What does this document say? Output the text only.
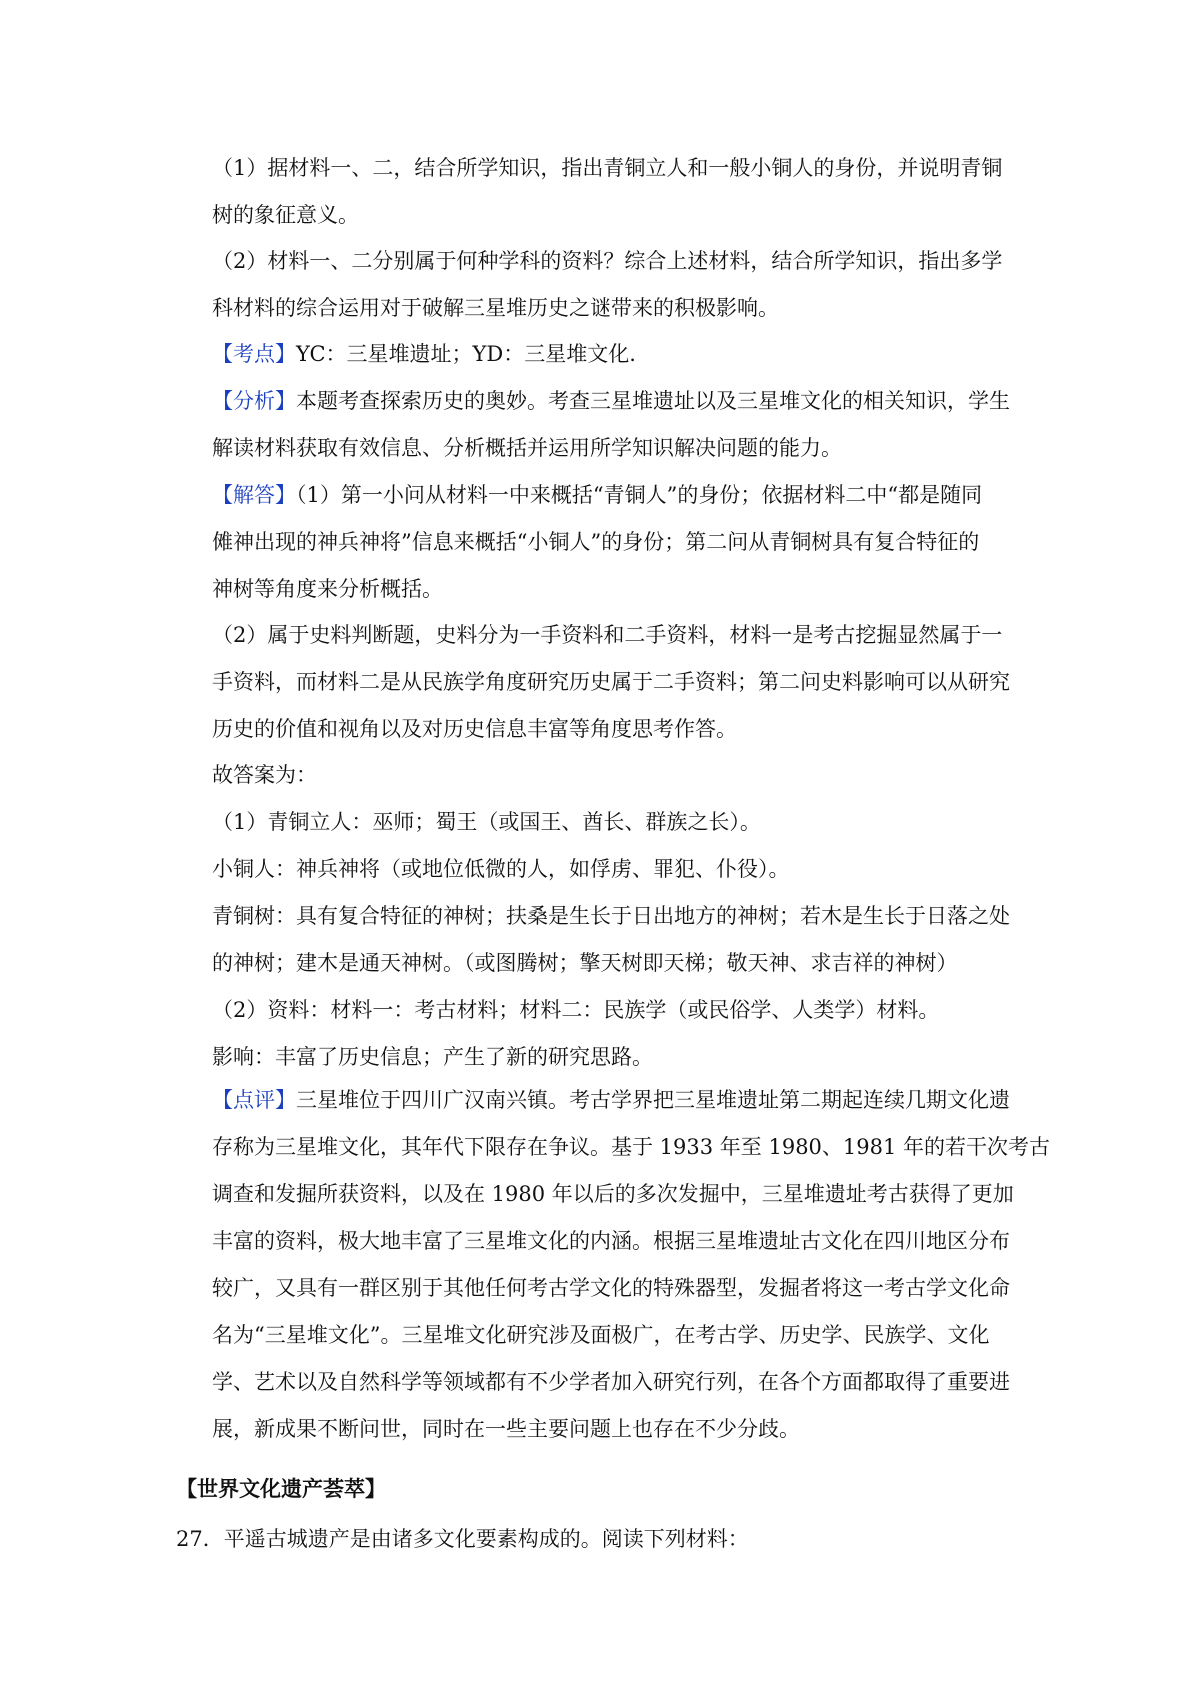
（1）据材料一、二，结合所学知识，指出青铜立人和一般小铜人的身份，并说明青铜
树的象征意义。

（2）材料一、二分别属于何种学科的资料？综合上述材料，结合所学知识，指出多学
科材料的综合运用对于破解三星堆历史之谜带来的积极影响。

【考点】YC：三星堆遗址；YD：三星堆文化.

【分析】本题考查探索历史的奥妙。考查三星堆遗址以及三星堆文化的相关知识，学生
解读材料获取有效信息、分析概括并运用所学知识解决问题的能力。

【解答】（1）第一小问从材料一中来概括“青铜人”的身份；依据材料二中“都是随同
傩神出现的神兵神将”信息来概括“小铜人”的身份；第二问从青铜树具有复合特征的
神树等角度来分析概括。

（2）属于史料判断题，史料分为一手资料和二手资料，材料一是考古挖掘显然属于一
手资料，而材料二是从民族学角度研究历史属于二手资料；第二问史料影响可以从研究
历史的价值和视角以及对历史信息丰富等角度思考作答。

故答案为：
（1）青铜立人：巫师；蜀王（或国王、酋长、群族之长）。
小铜人：神兵神将（或地位低微的人，如俘虏、罪犯、仆役）。
青铜树：具有复合特征的神树；扶桑是生长于日出地方的神树；若木是生长于日落之处
的神树；建木是通天神树。（或图腾树；擎天树即天梯；敬天神、求吉祥的神树）
（2）资料：材料一：考古材料；材料二：民族学（或民俗学、人类学）材料。
影响：丰富了历史信息；产生了新的研究思路。

【点评】三星堆位于四川广汉南兴镇。考古学界把三星堆遗址第二期起连续几期文化遗
存称为三星堆文化，其年代下限存在争议。基于 1933 年至 1980、1981 年的若干次考古
调查和发掘所获资料，以及在 1980 年以后的多次发掘中，三星堆遗址考古获得了更加
丰富的资料，极大地丰富了三星堆文化的内涵。根据三星堆遗址古文化在四川地区分布
较广，又具有一群区别于其他任何考古学文化的特殊器型，发掘者将这一考古学文化命
名为“三星堆文化”。三星堆文化研究涉及面极广，在考古学、历史学、民族学、文化
学、艺术以及自然科学等领域都有不少学者加入研究行列，在各个方面都取得了重要进
展，新成果不断问世，同时在一些主要问题上也存在不少分歧。

【世界文化遗产荟萃】

27．平遥古城遗产是由诸多文化要素构成的。阅读下列材料：
